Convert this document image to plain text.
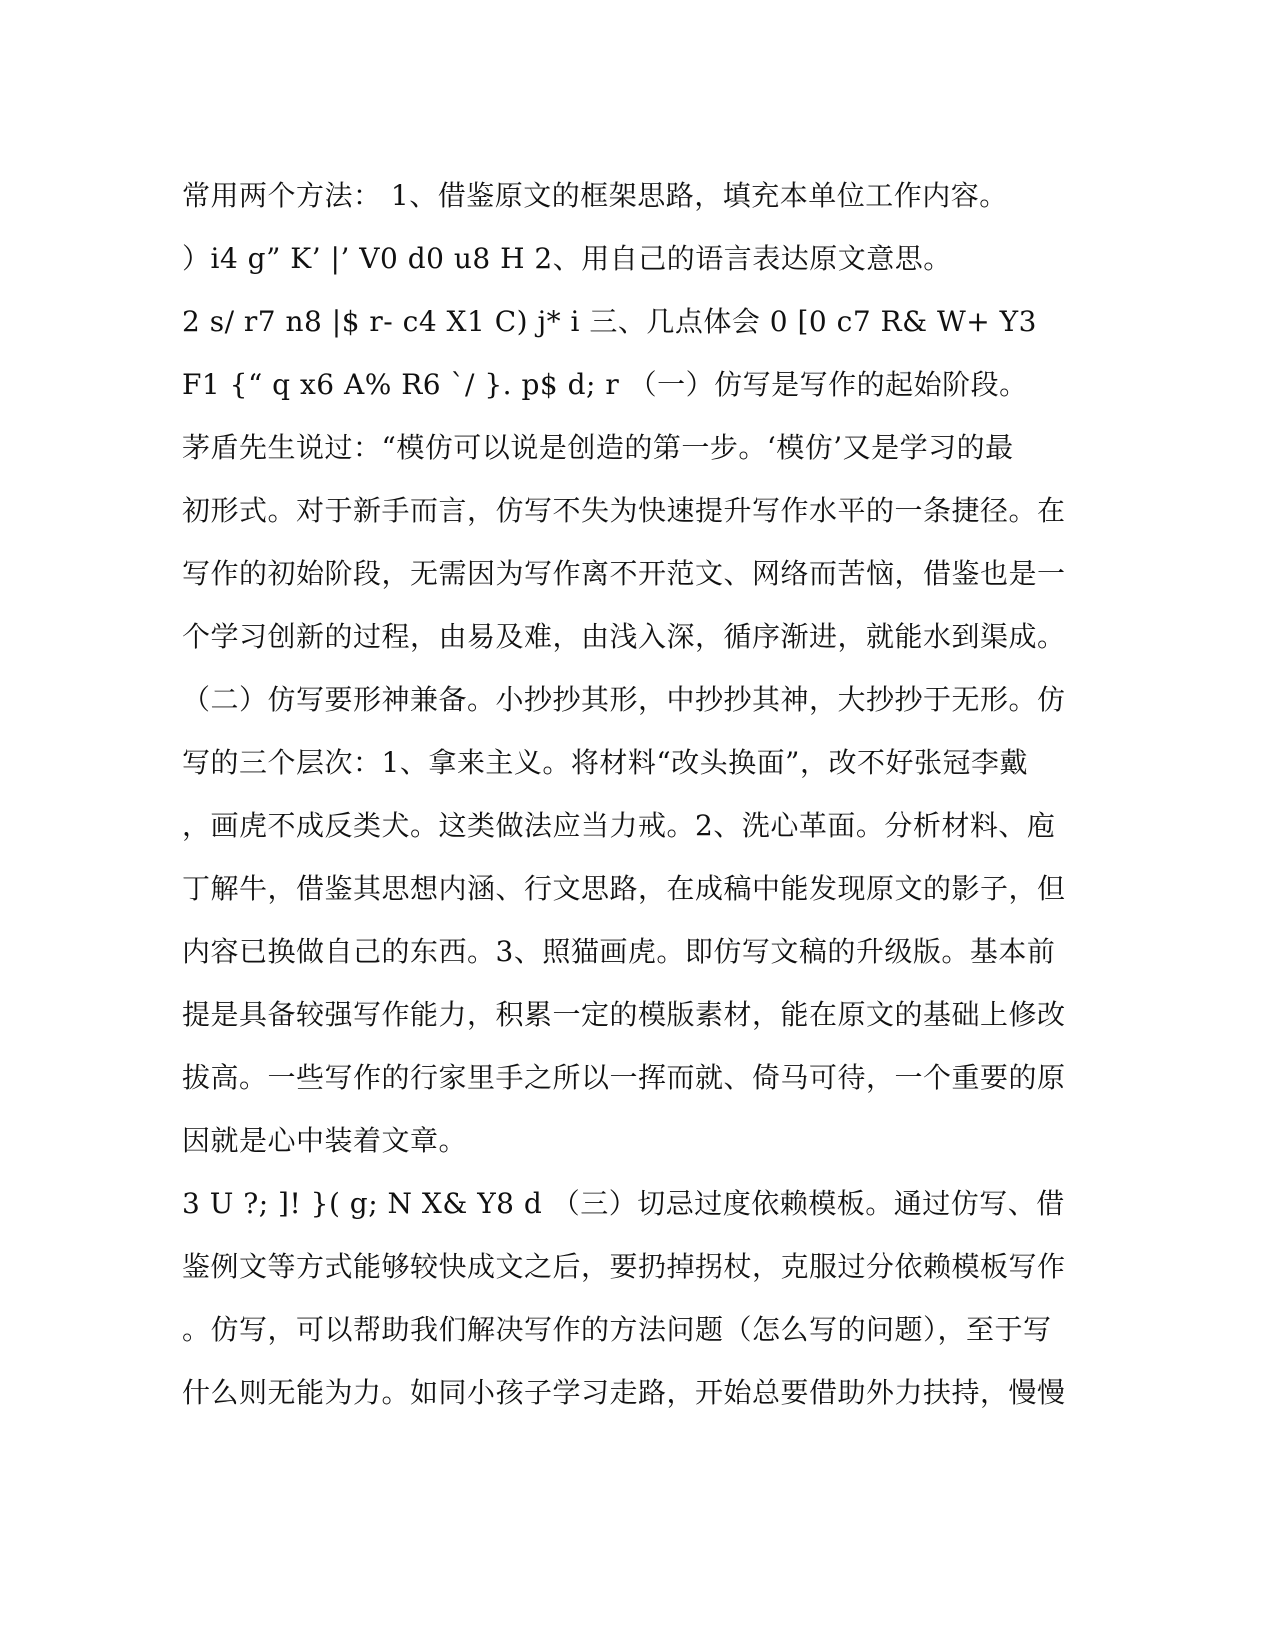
常用两个方法： 1、借鉴原文的框架思路，填充本单位工作内容。
）i4 g” K’ |’ V0 d0 u8 H 2、用自己的语言表达原文意思。
2 s/ r7 n8 |$ r- c4 X1 C) j* i 三、几点体会 0 [0 c7 R& W+ Y3
F1 {“ q x6 A% R6 `/ }. p$ d; r （一）仿写是写作的起始阶段。
茅盾先生说过：“模仿可以说是创造的第一步。‘模仿’又是学习的最
初形式。对于新手而言，仿写不失为快速提升写作水平的一条捷径。在
写作的初始阶段，无需因为写作离不开范文、网络而苦恼，借鉴也是一
个学习创新的过程，由易及难，由浅入深，循序渐进，就能水到渠成。
（二）仿写要形神兼备。小抄抄其形，中抄抄其神，大抄抄于无形。仿
写的三个层次：1、拿来主义。将材料“改头换面”，改不好张冠李戴
，画虎不成反类犬。这类做法应当力戒。2、洗心革面。分析材料、庖
丁解牛，借鉴其思想内涵、行文思路，在成稿中能发现原文的影子，但
内容已换做自己的东西。3、照猫画虎。即仿写文稿的升级版。基本前
提是具备较强写作能力，积累一定的模版素材，能在原文的基础上修改
拔高。一些写作的行家里手之所以一挥而就、倚马可待，一个重要的原
因就是心中装着文章。
3 U ?; ]! }( g; N X& Y8 d （三）切忌过度依赖模板。通过仿写、借
鉴例文等方式能够较快成文之后，要扔掉拐杖，克服过分依赖模板写作
。仿写，可以帮助我们解决写作的方法问题（怎么写的问题），至于写
什么则无能为力。如同小孩子学习走路，开始总要借助外力扶持，慢慢
